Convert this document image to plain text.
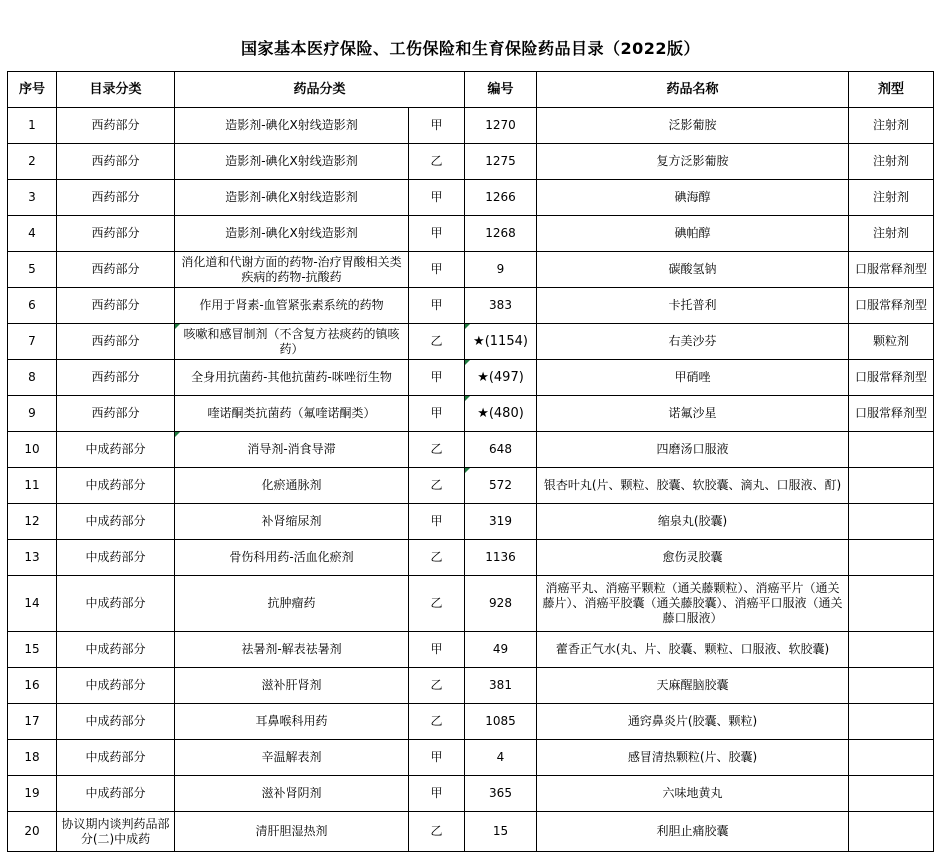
国家基本医疗保险、工伤保险和生育保险药品目录（2022版）
序号	目录分类	药品分类		编号	药品名称	剂型
1	西药部分	造影剂-碘化X射线造影剂	甲	1270	泛影葡胺	注射剂
2	西药部分	造影剂-碘化X射线造影剂	乙	1275	复方泛影葡胺	注射剂
3	西药部分	造影剂-碘化X射线造影剂	甲	1266	碘海醇	注射剂
4	西药部分	造影剂-碘化X射线造影剂	甲	1268	碘帕醇	注射剂
5	西药部分	消化道和代谢方面的药物-治疗胃酸相关类疾病的药物-抗酸药	甲	9	碳酸氢钠	口服常释剂型
6	西药部分	作用于肾素-血管紧张素系统的药物	甲	383	卡托普利	口服常释剂型
7	西药部分	咳嗽和感冒制剂（不含复方祛痰药的镇咳药）	乙	★(1154)	右美沙芬	颗粒剂
8	西药部分	全身用抗菌药-其他抗菌药-咪唑衍生物	甲	★(497)	甲硝唑	口服常释剂型
9	西药部分	喹诺酮类抗菌药（氟喹诺酮类）	甲	★(480)	诺氟沙星	口服常释剂型
10	中成药部分	消导剂-消食导滞	乙	648	四磨汤口服液	
11	中成药部分	化瘀通脉剂	乙	572	银杏叶丸(片、颗粒、胶囊、软胶囊、滴丸、口服液、酊)	
12	中成药部分	补肾缩尿剂	甲	319	缩泉丸(胶囊)	
13	中成药部分	骨伤科用药-活血化瘀剂	乙	1136	愈伤灵胶囊	
14	中成药部分	抗肿瘤药	乙	928	消癌平丸、消癌平颗粒（通关藤颗粒）、消癌平片（通关藤片）、消癌平胶囊（通关藤胶囊）、消癌平口服液（通关藤口服液）	
15	中成药部分	祛暑剂-解表祛暑剂	甲	49	藿香正气水(丸、片、胶囊、颗粒、口服液、软胶囊)	
16	中成药部分	滋补肝肾剂	乙	381	天麻醒脑胶囊	
17	中成药部分	耳鼻喉科用药	乙	1085	通窍鼻炎片(胶囊、颗粒)	
18	中成药部分	辛温解表剂	甲	4	感冒清热颗粒(片、胶囊)	
19	中成药部分	滋补肾阴剂	甲	365	六味地黄丸	
20	协议期内谈判药品部分(二)中成药	清肝胆湿热剂	乙	15	利胆止痛胶囊	
